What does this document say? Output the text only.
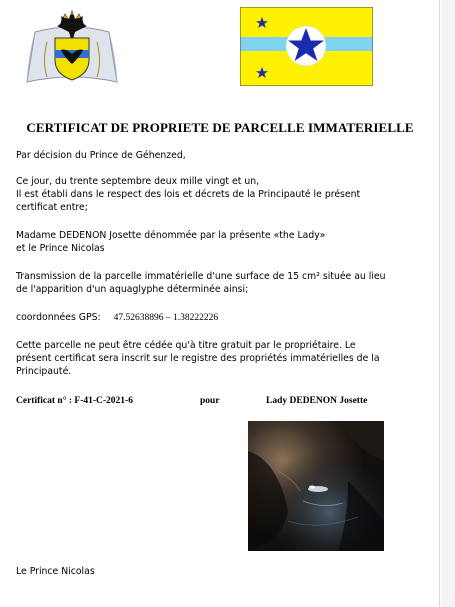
CERTIFICAT DE PROPRIETE DE PARCELLE IMMATERIELLE
Par décision du Prince de Géhenzed,
Ce jour, du trente septembre deux mille vingt et un,
Il est établi dans le respect des lois et décrets de la Principauté le présent
certificat entre;
Madame DEDENON Josette dénommée par la présente «the Lady»
et le Prince Nicolas
Transmission de la parcelle immatérielle d'une surface de 15 cm² située au lieu
de l'apparition d'un aquaglyphe déterminée ainsi;
coordonnées GPS: 47.52638896 – 1.38222226
Cette parcelle ne peut être cédée qu'à titre gratuit par le propriétaire. Le
présent certificat sera inscrit sur le registre des propriétés immatérielles de la
Principauté.
Certificat n° : F-41-C-2021-6	pour	Lady DEDENON Josette
Le Prince Nicolas
